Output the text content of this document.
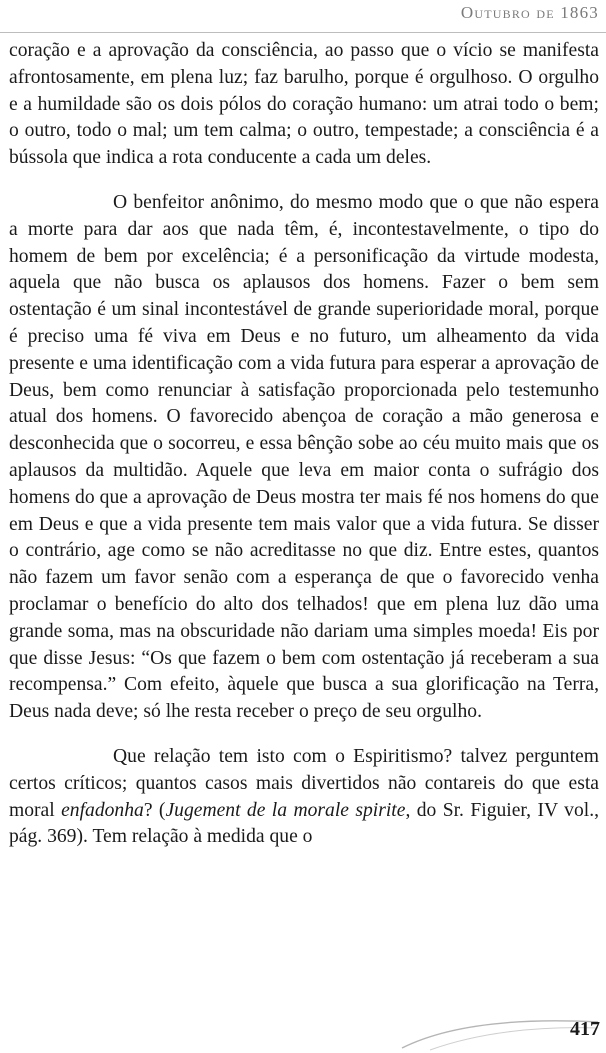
Outubro de 1863

coração e a aprovação da consciência, ao passo que o vício se manifesta afrontosamente, em plena luz; faz barulho, porque é orgulhoso. O orgulho e a humildade são os dois pólos do coração humano: um atrai todo o bem; o outro, todo o mal; um tem calma; o outro, tempestade; a consciência é a bússola que indica a rota conducente a cada um deles.

O benfeitor anônimo, do mesmo modo que o que não espera a morte para dar aos que nada têm, é, incontestavelmente, o tipo do homem de bem por excelência; é a personificação da virtude modesta, aquela que não busca os aplausos dos homens. Fazer o bem sem ostentação é um sinal incontestável de grande superioridade moral, porque é preciso uma fé viva em Deus e no futuro, um alheamento da vida presente e uma identificação com a vida futura para esperar a aprovação de Deus, bem como renunciar à satisfação proporcionada pelo testemunho atual dos homens. O favorecido abençoa de coração a mão generosa e desconhecida que o socorreu, e essa bênção sobe ao céu muito mais que os aplausos da multidão. Aquele que leva em maior conta o sufrágio dos homens do que a aprovação de Deus mostra ter mais fé nos homens do que em Deus e que a vida presente tem mais valor que a vida futura. Se disser o contrário, age como se não acreditasse no que diz. Entre estes, quantos não fazem um favor senão com a esperança de que o favorecido venha proclamar o benefício do alto dos telhados! que em plena luz dão uma grande soma, mas na obscuridade não dariam uma simples moeda! Eis por que disse Jesus: “Os que fazem o bem com ostentação já receberam a sua recompensa.” Com efeito, àquele que busca a sua glorificação na Terra, Deus nada deve; só lhe resta receber o preço de seu orgulho.

Que relação tem isto com o Espiritismo? talvez perguntem certos críticos; quantos casos mais divertidos não contareis do que esta moral enfadonha? (Jugement de la morale spirite, do Sr. Figuier, IV vol., pág. 369). Tem relação à medida que o

417
